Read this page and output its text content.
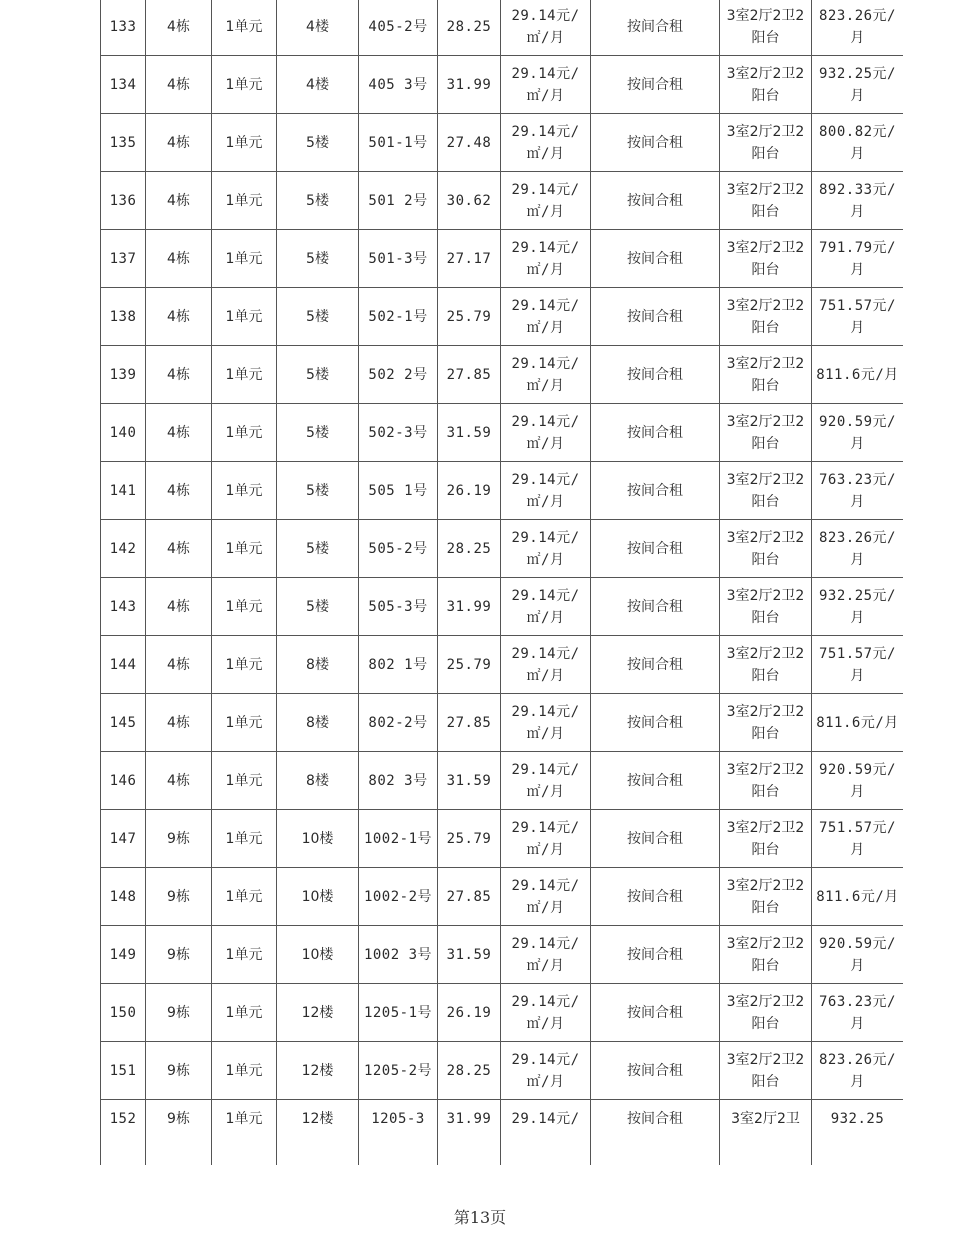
133	4栋	1单元	4楼	405-2号	28.25	29.14元/㎡/月	按间合租	3室2厅2卫2阳台	823.26元/月
134	4栋	1单元	4楼	405 3号	31.99	29.14元/㎡/月	按间合租	3室2厅2卫2阳台	932.25元/月
135	4栋	1单元	5楼	501-1号	27.48	29.14元/㎡/月	按间合租	3室2厅2卫2阳台	800.82元/月
136	4栋	1单元	5楼	501 2号	30.62	29.14元/㎡/月	按间合租	3室2厅2卫2阳台	892.33元/月
137	4栋	1单元	5楼	501-3号	27.17	29.14元/㎡/月	按间合租	3室2厅2卫2阳台	791.79元/月
138	4栋	1单元	5楼	502-1号	25.79	29.14元/㎡/月	按间合租	3室2厅2卫2阳台	751.57元/月
139	4栋	1单元	5楼	502 2号	27.85	29.14元/㎡/月	按间合租	3室2厅2卫2阳台	811.6元/月
140	4栋	1单元	5楼	502-3号	31.59	29.14元/㎡/月	按间合租	3室2厅2卫2阳台	920.59元/月
141	4栋	1单元	5楼	505 1号	26.19	29.14元/㎡/月	按间合租	3室2厅2卫2阳台	763.23元/月
142	4栋	1单元	5楼	505-2号	28.25	29.14元/㎡/月	按间合租	3室2厅2卫2阳台	823.26元/月
143	4栋	1单元	5楼	505-3号	31.99	29.14元/㎡/月	按间合租	3室2厅2卫2阳台	932.25元/月
144	4栋	1单元	8楼	802 1号	25.79	29.14元/㎡/月	按间合租	3室2厅2卫2阳台	751.57元/月
145	4栋	1单元	8楼	802-2号	27.85	29.14元/㎡/月	按间合租	3室2厅2卫2阳台	811.6元/月
146	4栋	1单元	8楼	802 3号	31.59	29.14元/㎡/月	按间合租	3室2厅2卫2阳台	920.59元/月
147	9栋	1单元	10楼	1002-1号	25.79	29.14元/㎡/月	按间合租	3室2厅2卫2阳台	751.57元/月
148	9栋	1单元	10楼	1002-2号	27.85	29.14元/㎡/月	按间合租	3室2厅2卫2阳台	811.6元/月
149	9栋	1单元	10楼	1002 3号	31.59	29.14元/㎡/月	按间合租	3室2厅2卫2阳台	920.59元/月
150	9栋	1单元	12楼	1205-1号	26.19	29.14元/㎡/月	按间合租	3室2厅2卫2阳台	763.23元/月
151	9栋	1单元	12楼	1205-2号	28.25	29.14元/㎡/月	按间合租	3室2厅2卫2阳台	823.26元/月
152	9栋	1单元	12楼	1205-3	31.99	29.14元/	按间合租	3室2厅2卫	932.25
第13页
